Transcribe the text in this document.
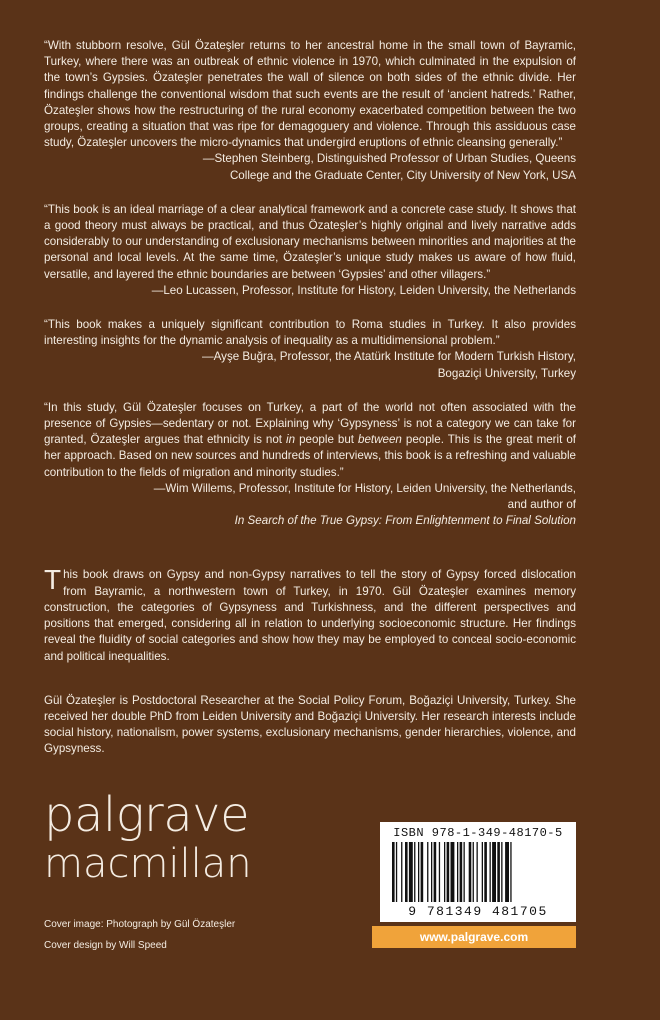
“With stubborn resolve, Gül Özateşler returns to her ancestral home in the small town of Bayramic, Turkey, where there was an outbreak of ethnic violence in 1970, which culminated in the expulsion of the town’s Gypsies. Özateşler penetrates the wall of silence on both sides of the ethnic divide. Her findings challenge the conventional wisdom that such events are the result of ‘ancient hatreds.’ Rather, Özateşler shows how the restructuring of the rural economy exacerbated competition between the two groups, creating a situation that was ripe for demagoguery and violence. Through this assiduous case study, Özateşler uncovers the micro-dynamics that undergird eruptions of ethnic cleansing generally.”

—Stephen Steinberg, Distinguished Professor of Urban Studies, Queens
College and the Graduate Center, City University of New York, USA

“This book is an ideal marriage of a clear analytical framework and a concrete case study. It shows that a good theory must always be practical, and thus Özateşler’s highly original and lively narrative adds considerably to our understanding of exclusionary mechanisms between minorities and majorities at the personal and local levels. At the same time, Özateşler’s unique study makes us aware of how fluid, versatile, and layered the ethnic boundaries are between ‘Gypsies’ and other villagers.”

—Leo Lucassen, Professor, Institute for History, Leiden University, the Netherlands

“This book makes a uniquely significant contribution to Roma studies in Turkey. It also provides interesting insights for the dynamic analysis of inequality as a multidimensional problem.”

—Ayşe Buğra, Professor, the Atatürk Institute for Modern Turkish History,
Bogaziçi University, Turkey

“In this study, Gül Özateşler focuses on Turkey, a part of the world not often associated with the presence of Gypsies—sedentary or not. Explaining why ‘Gypsyness’ is not a category we can take for granted, Özateşler argues that ethnicity is not in people but between people. This is the great merit of her approach. Based on new sources and hundreds of interviews, this book is a refreshing and valuable contribution to the fields of migration and minority studies.”

—Wim Willems, Professor, Institute for History, Leiden University, the Netherlands,
and author of
In Search of the True Gypsy: From Enlightenment to Final Solution

This book draws on Gypsy and non-Gypsy narratives to tell the story of Gypsy forced dislocation from Bayramic, a northwestern town of Turkey, in 1970. Gül Özateşler examines memory construction, the categories of Gypsyness and Turkishness, and the different perspectives and positions that emerged, considering all in relation to underlying socioeconomic structure. Her findings reveal the fluidity of social categories and show how they may be employed to conceal socio-economic and political inequalities.

Gül Özateşler is Postdoctoral Researcher at the Social Policy Forum, Boğaziçi University, Turkey. She received her double PhD from Leiden University and Boğaziçi University. Her research interests include social history, nationalism, power systems, exclusionary mechanisms, gender hierarchies, violence, and Gypsyness.

palgrave
macmillan
Cover image: Photograph by Gül Özateşler
Cover design by Will Speed
ISBN 978-1-349-48170-5
9 781349 481705
www.palgrave.com
